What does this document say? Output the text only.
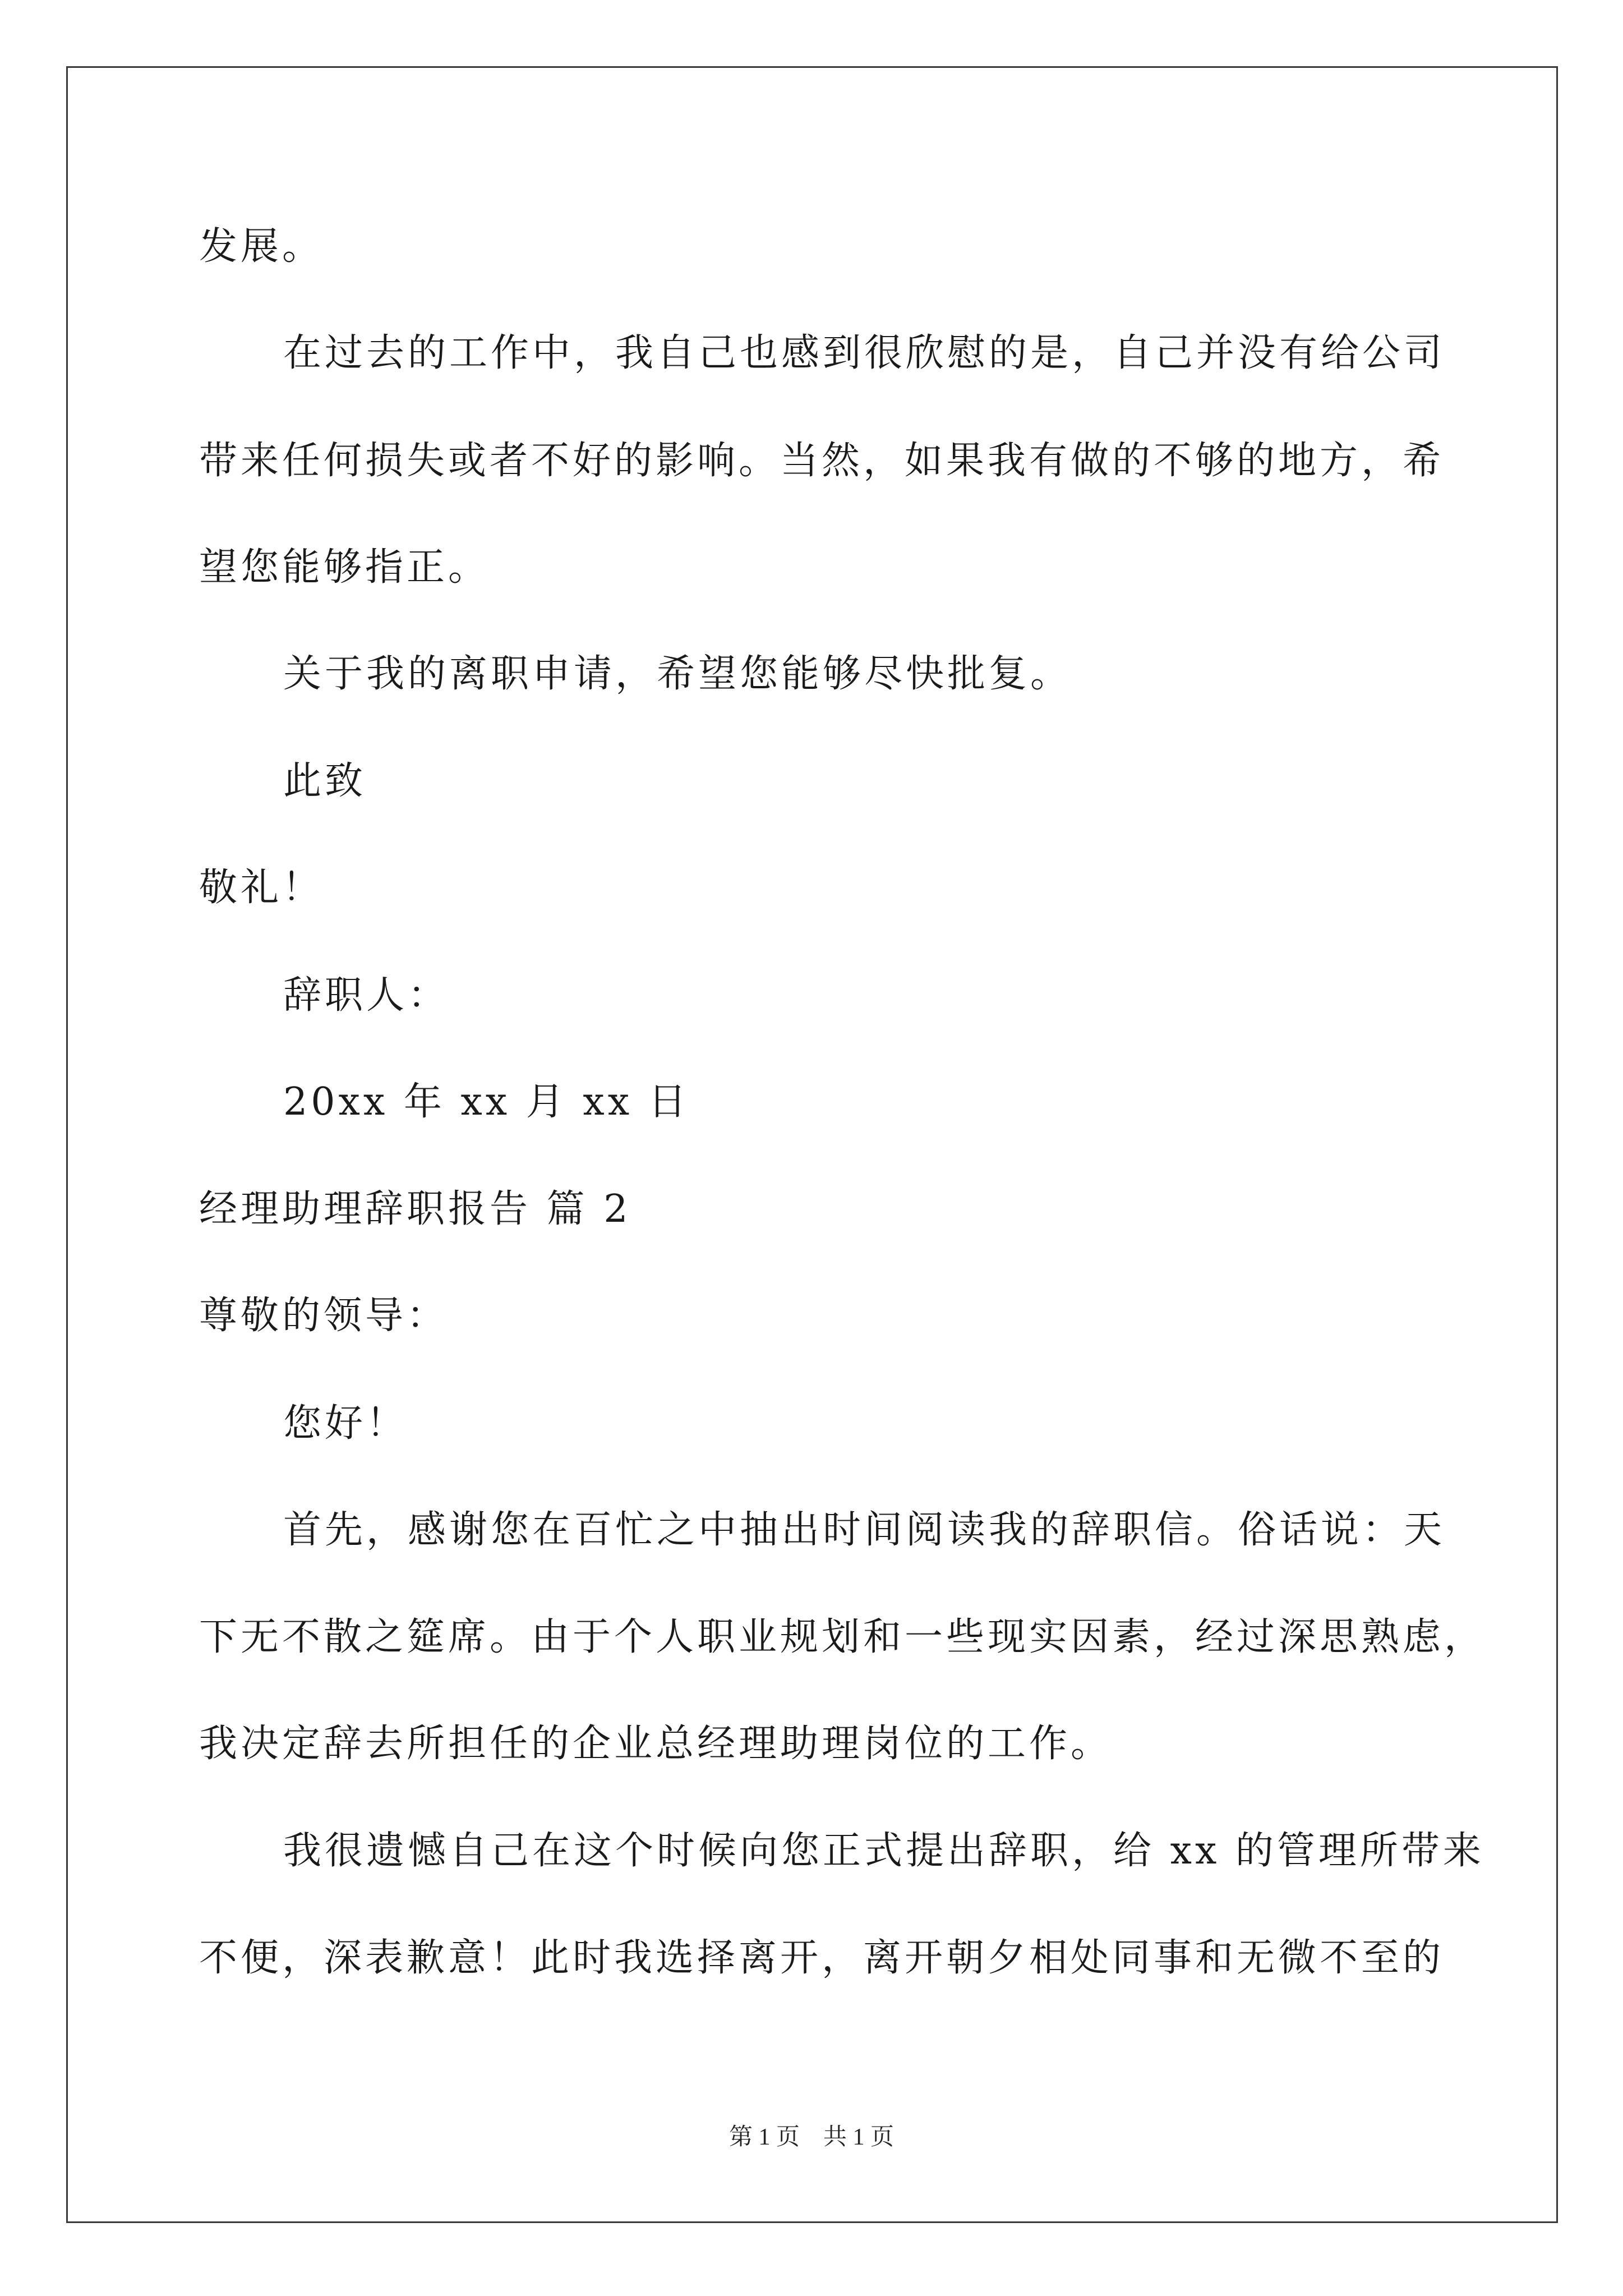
发展。
在过去的工作中，我自己也感到很欣慰的是，自己并没有给公司
带来任何损失或者不好的影响。当然，如果我有做的不够的地方，希
望您能够指正。
关于我的离职申请，希望您能够尽快批复。
此致
敬礼！
辞职人：
20xx 年 xx 月 xx 日
经理助理辞职报告 篇 2
尊敬的领导：
您好！
首先，感谢您在百忙之中抽出时间阅读我的辞职信。俗话说：天
下无不散之筵席。由于个人职业规划和一些现实因素，经过深思熟虑，
我决定辞去所担任的企业总经理助理岗位的工作。
我很遗憾自己在这个时候向您正式提出辞职，给 xx 的管理所带来
不便，深表歉意！此时我选择离开，离开朝夕相处同事和无微不至的
第 1 页　共 1 页
